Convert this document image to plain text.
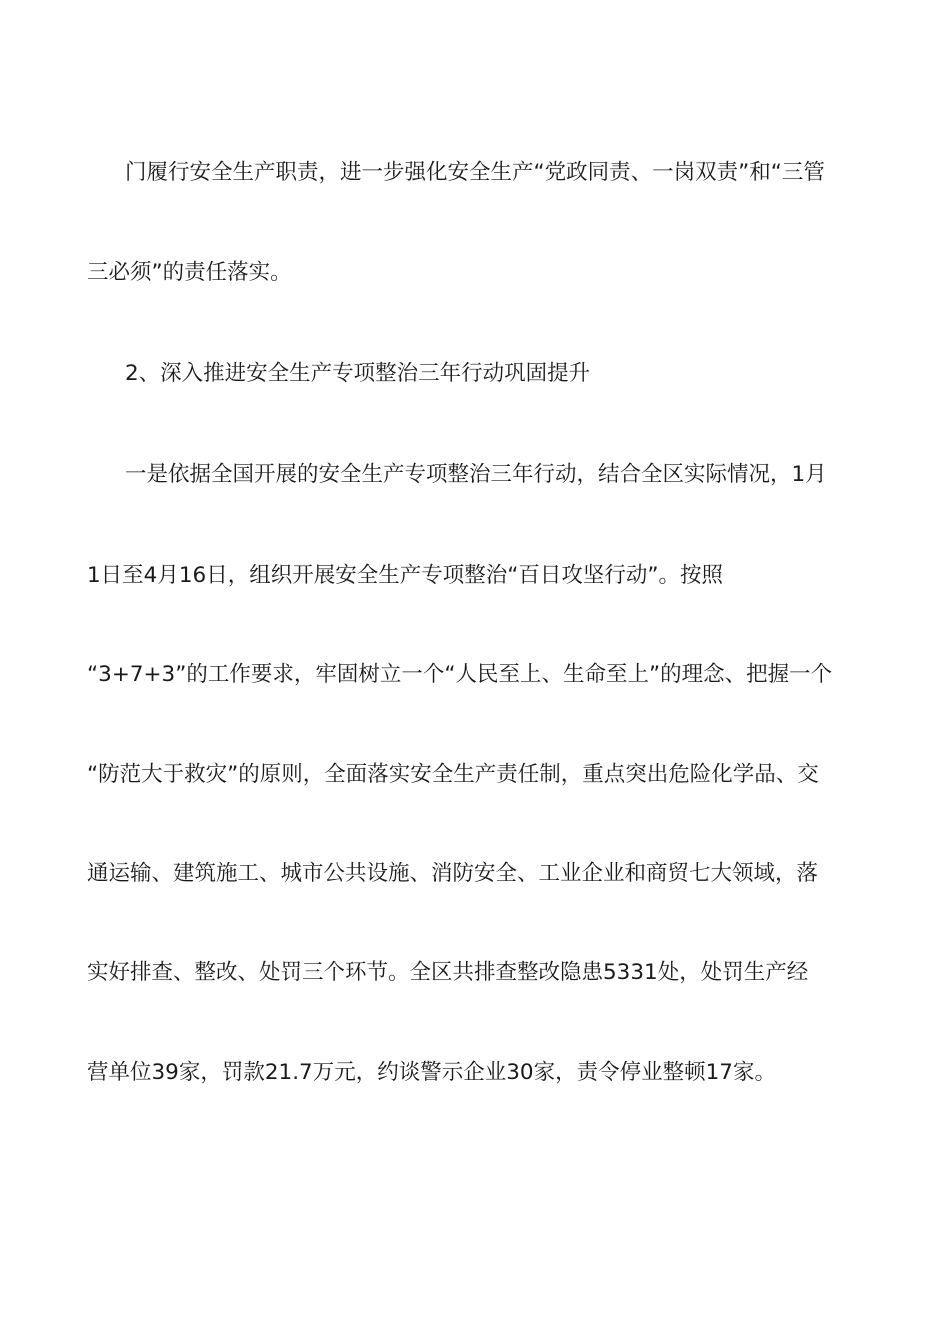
门履行安全生产职责，进一步强化安全生产“党政同责、一岗双责”和“三管
三必须”的责任落实。
2、深入推进安全生产专项整治三年行动巩固提升
一是依据全国开展的安全生产专项整治三年行动，结合全区实际情况，1月
1日至4月16日，组织开展安全生产专项整治“百日攻坚行动”。按照
“3+7+3”的工作要求，牢固树立一个“人民至上、生命至上”的理念、把握一个
“防范大于救灾”的原则，全面落实安全生产责任制，重点突出危险化学品、交
通运输、建筑施工、城市公共设施、消防安全、工业企业和商贸七大领域，落
实好排查、整改、处罚三个环节。全区共排查整改隐患5331处，处罚生产经
营单位39家，罚款21.7万元，约谈警示企业30家，责令停业整顿17家。
